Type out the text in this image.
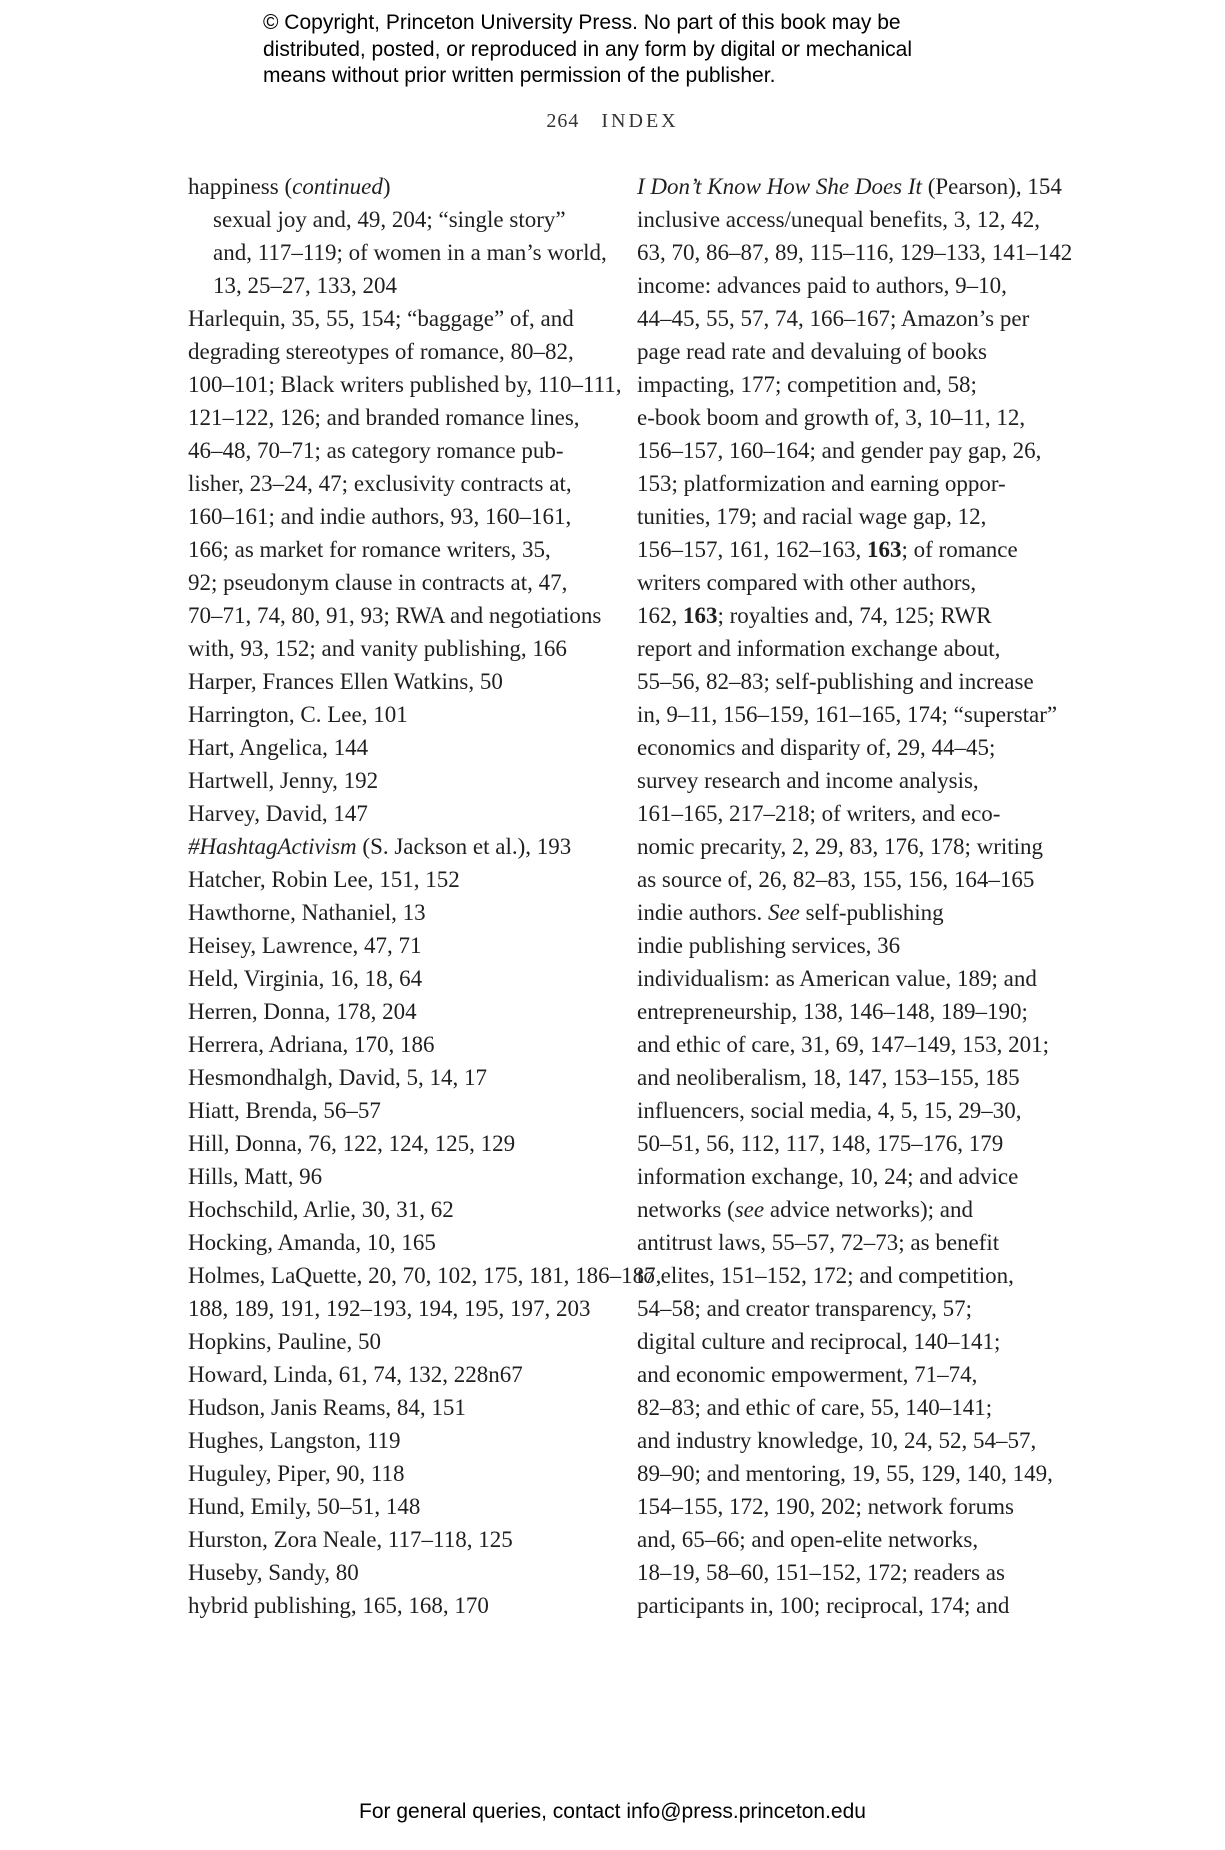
© Copyright, Princeton University Press. No part of this book may be
distributed, posted, or reproduced in any form by digital or mechanical
means without prior written permission of the publisher.
264 INDEX
happiness (continued)
sexual joy and, 49, 204; “single story”
and, 117–119; of women in a man’s world,
13, 25–27, 133, 204
Harlequin, 35, 55, 154; “baggage” of, and
degrading stereotypes of romance, 80–82,
100–101; Black writers published by, 110–111,
121–122, 126; and branded romance lines,
46–48, 70–71; as category romance pub-
lisher, 23–24, 47; exclusivity contracts at,
160–161; and indie authors, 93, 160–161,
166; as market for romance writers, 35,
92; pseudonym clause in contracts at, 47,
70–71, 74, 80, 91, 93; RWA and negotiations
with, 93, 152; and vanity publishing, 166
Harper, Frances Ellen Watkins, 50
Harrington, C. Lee, 101
Hart, Angelica, 144
Hartwell, Jenny, 192
Harvey, David, 147
#HashtagActivism (S. Jackson et al.), 193
Hatcher, Robin Lee, 151, 152
Hawthorne, Nathaniel, 13
Heisey, Lawrence, 47, 71
Held, Virginia, 16, 18, 64
Herren, Donna, 178, 204
Herrera, Adriana, 170, 186
Hesmondhalgh, David, 5, 14, 17
Hiatt, Brenda, 56–57
Hill, Donna, 76, 122, 124, 125, 129
Hills, Matt, 96
Hochschild, Arlie, 30, 31, 62
Hocking, Amanda, 10, 165
Holmes, LaQuette, 20, 70, 102, 175, 181, 186–187,
188, 189, 191, 192–193, 194, 195, 197, 203
Hopkins, Pauline, 50
Howard, Linda, 61, 74, 132, 228n67
Hudson, Janis Reams, 84, 151
Hughes, Langston, 119
Huguley, Piper, 90, 118
Hund, Emily, 50–51, 148
Hurston, Zora Neale, 117–118, 125
Huseby, Sandy, 80
hybrid publishing, 165, 168, 170
I Don’t Know How She Does It (Pearson), 154
inclusive access/unequal benefits, 3, 12, 42,
63, 70, 86–87, 89, 115–116, 129–133, 141–142
income: advances paid to authors, 9–10,
44–45, 55, 57, 74, 166–167; Amazon’s per
page read rate and devaluing of books
impacting, 177; competition and, 58;
e-book boom and growth of, 3, 10–11, 12,
156–157, 160–164; and gender pay gap, 26,
153; platformization and earning oppor-
tunities, 179; and racial wage gap, 12,
156–157, 161, 162–163, 163; of romance
writers compared with other authors,
162, 163; royalties and, 74, 125; RWR
report and information exchange about,
55–56, 82–83; self-publishing and increase
in, 9–11, 156–159, 161–165, 174; “superstar”
economics and disparity of, 29, 44–45;
survey research and income analysis,
161–165, 217–218; of writers, and eco-
nomic precarity, 2, 29, 83, 176, 178; writing
as source of, 26, 82–83, 155, 156, 164–165
indie authors. See self-publishing
indie publishing services, 36
individualism: as American value, 189; and
entrepreneurship, 138, 146–148, 189–190;
and ethic of care, 31, 69, 147–149, 153, 201;
and neoliberalism, 18, 147, 153–155, 185
influencers, social media, 4, 5, 15, 29–30,
50–51, 56, 112, 117, 148, 175–176, 179
information exchange, 10, 24; and advice
networks (see advice networks); and
antitrust laws, 55–57, 72–73; as benefit
to elites, 151–152, 172; and competition,
54–58; and creator transparency, 57;
digital culture and reciprocal, 140–141;
and economic empowerment, 71–74,
82–83; and ethic of care, 55, 140–141;
and industry knowledge, 10, 24, 52, 54–57,
89–90; and mentoring, 19, 55, 129, 140, 149,
154–155, 172, 190, 202; network forums
and, 65–66; and open-elite networks,
18–19, 58–60, 151–152, 172; readers as
participants in, 100; reciprocal, 174; and
For general queries, contact info@press.princeton.edu
